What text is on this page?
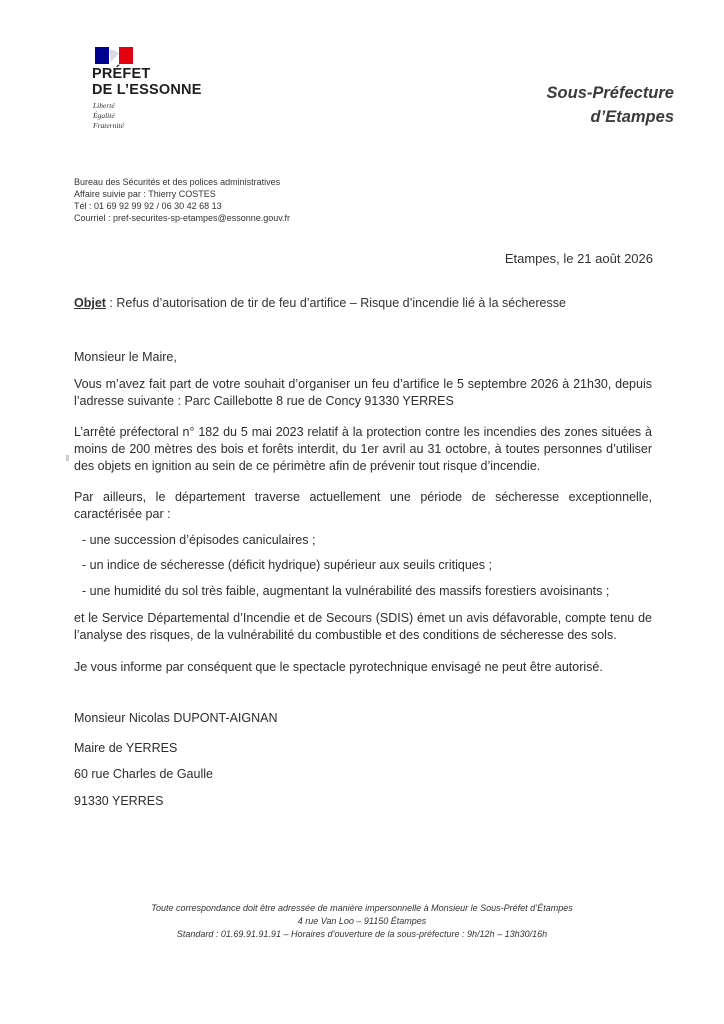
PRÉFET
DE L’ESSONNE
Liberté
Égalité
Fraternité
Sous-Préfecture
d’Etampes
Bureau des Sécurités et des polices administratives
Affaire suivie par : Thierry COSTES
Tél : 01 69 92 99 92 / 06 30 42 68 13
Courriel : pref-securites-sp-etampes@essonne.gouv.fr
Etampes, le 21 août 2026
Objet : Refus d’autorisation de tir de feu d’artifice – Risque d’incendie lié à la sécheresse
Monsieur le Maire,
Vous m’avez fait part de votre souhait d’organiser un feu d’artifice le 5 septembre 2026 à 21h30, depuis l’adresse suivante : Parc Caillebotte 8 rue de Concy 91330 YERRES
L’arrêté préfectoral n° 182 du 5 mai 2023 relatif à la protection contre les incendies des zones situées à moins de 200 mètres des bois et forêts interdit, du 1er avril au 31 octobre, à toutes personnes d’utiliser des objets en ignition au sein de ce périmètre afin de prévenir tout risque d’incendie.
Par ailleurs, le département traverse actuellement une période de sécheresse exceptionnelle, caractérisée par :
- une succession d’épisodes caniculaires ;
- un indice de sécheresse (déficit hydrique) supérieur aux seuils critiques ;
- une humidité du sol très faible, augmentant la vulnérabilité des massifs forestiers avoisinants ;
et le Service Départemental d’Incendie et de Secours (SDIS) émet un avis défavorable, compte tenu de l’analyse des risques, de la vulnérabilité du combustible et des conditions de sécheresse des sols.
Je vous informe par conséquent que le spectacle pyrotechnique envisagé ne peut être autorisé.
Monsieur Nicolas DUPONT-AIGNAN
Maire de YERRES
60 rue Charles de Gaulle
91330 YERRES
Toute correspondance doit être adressée de manière impersonnelle à Monsieur le Sous-Préfet d’Étampes
4 rue Van Loo – 91150 Étampes
Standard : 01.69.91.91.91 – Horaires d’ouverture de la sous-préfecture : 9h/12h – 13h30/16h
